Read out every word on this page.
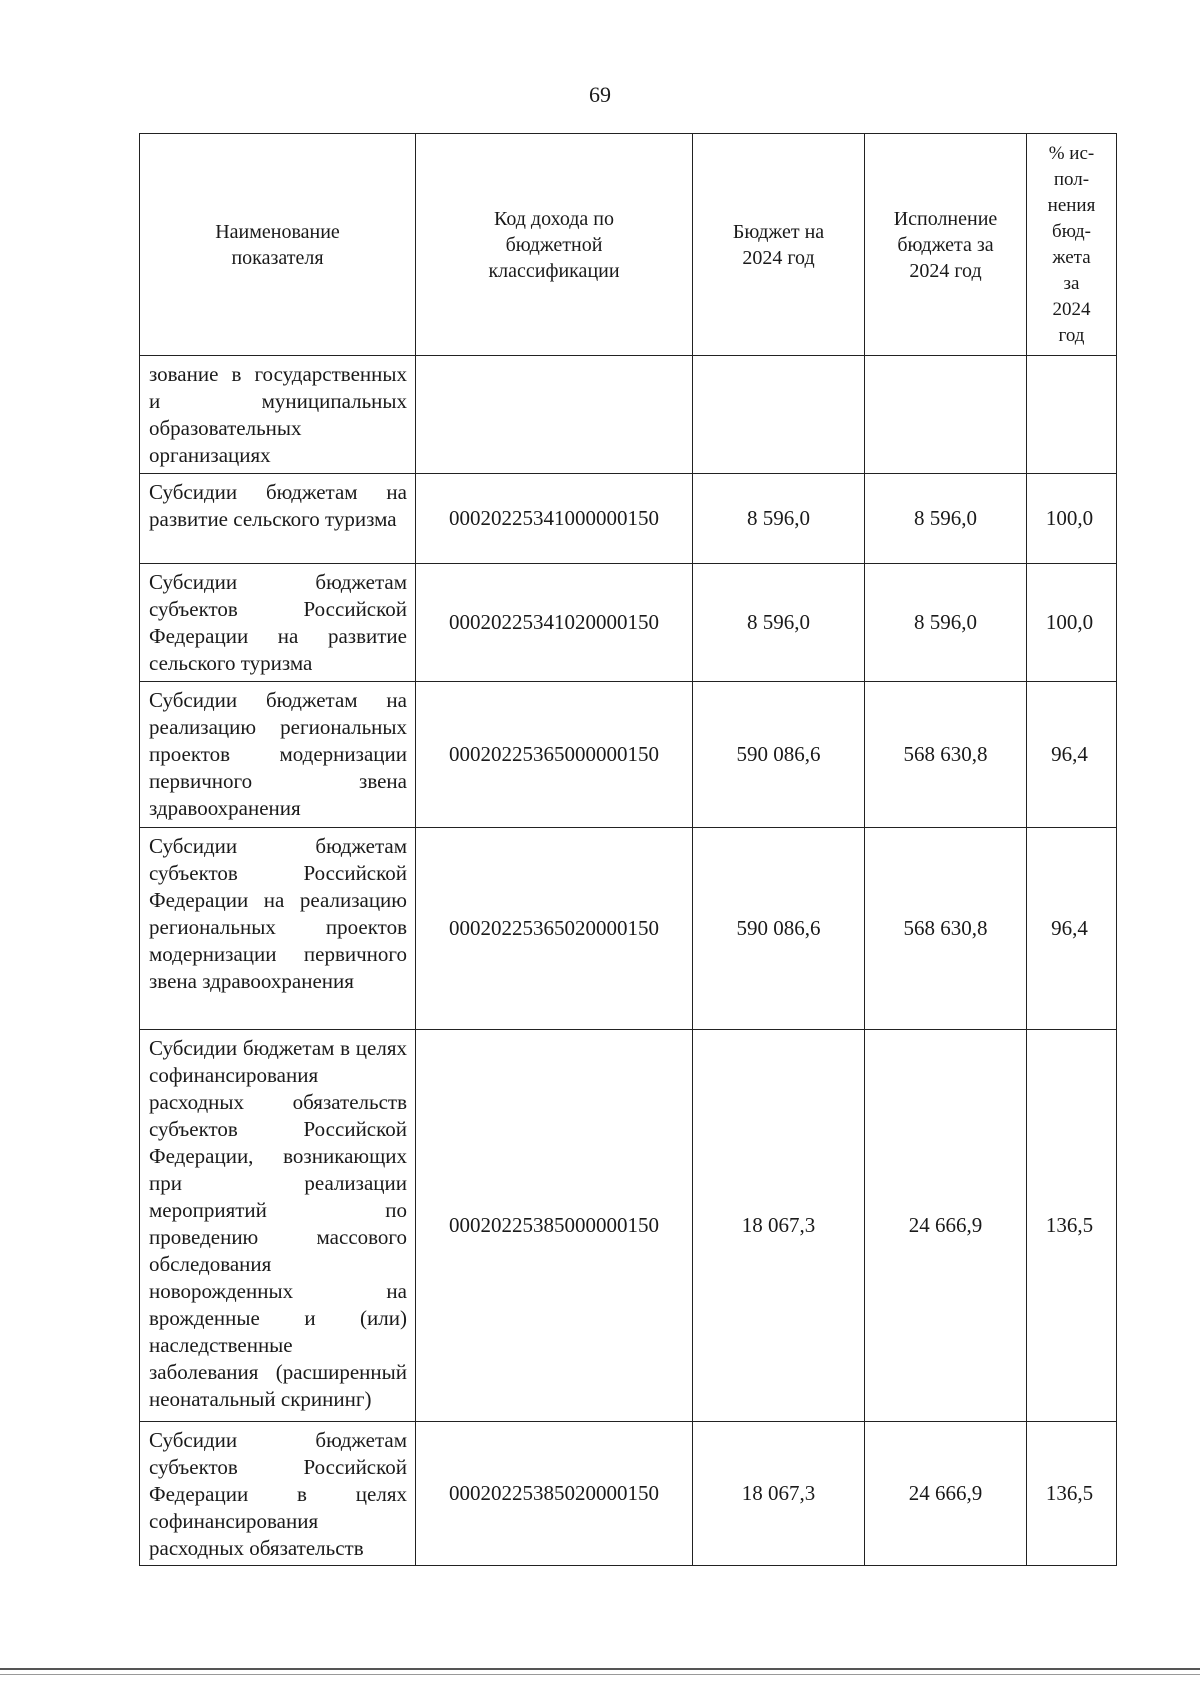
69
Наименование показателя	Код дохода по бюджетной классификации	Бюджет на 2024 год	Исполнение бюджета за 2024 год	% ис-пол-нения бюд-жета за 2024 год

зование в государственных и муниципальных образовательных организациях				
Субсидии бюджетам на развитие сельского туризма	00020225341000000150	8 596,0	8 596,0	100,0
Субсидии бюджетам субъектов Российской Федерации на развитие сельского туризма	00020225341020000150	8 596,0	8 596,0	100,0
Субсидии бюджетам на реализацию региональных проектов модернизации первичного звена здравоохранения	00020225365000000150	590 086,6	568 630,8	96,4
Субсидии бюджетам субъектов Российской Федерации на реализацию региональных проектов модернизации первичного звена здравоохранения	00020225365020000150	590 086,6	568 630,8	96,4
Субсидии бюджетам в целях софинансирования расходных обязательств субъектов Российской Федерации, возникающих при реализации мероприятий по проведению массового обследования новорожденных на врожденные и (или) наследственные заболевания (расширенный неонатальный скрининг)	00020225385000000150	18 067,3	24 666,9	136,5
Субсидии бюджетам субъектов Российской Федерации в целях софинансирования расходных обязательств	00020225385020000150	18 067,3	24 666,9	136,5
